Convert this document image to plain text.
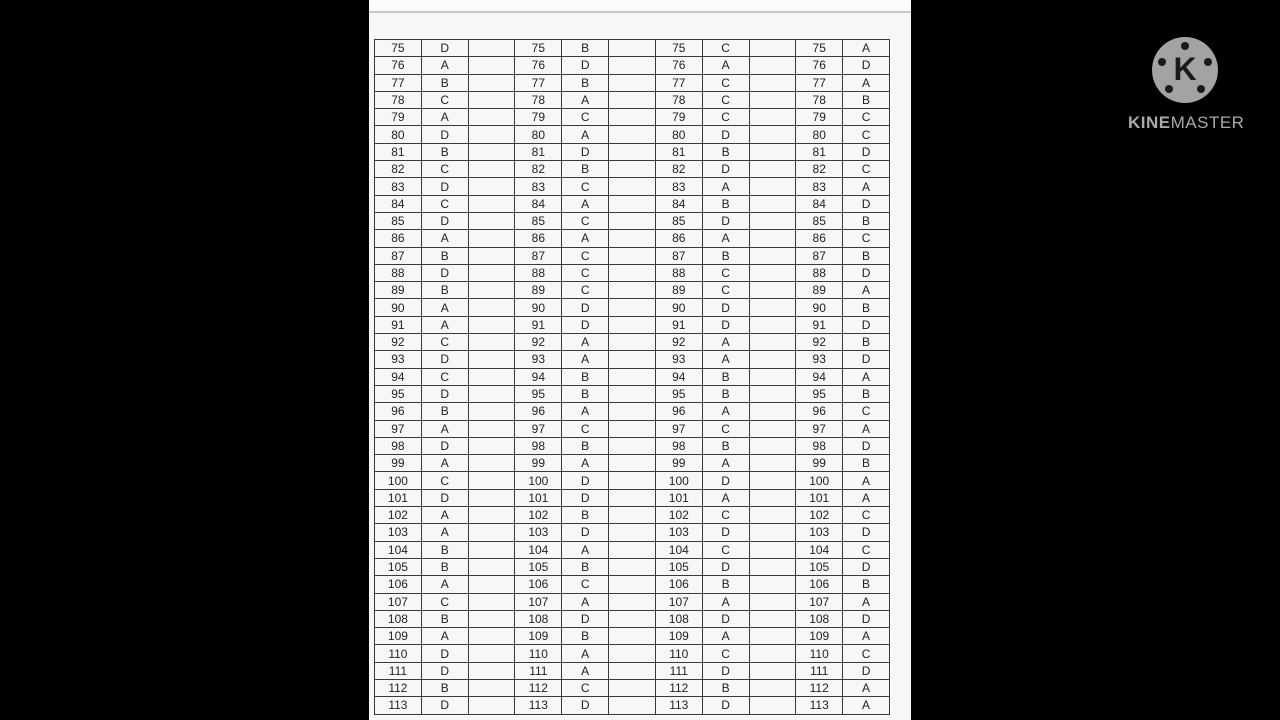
75	D		75	B		75	C		75	A
76	A		76	D		76	A		76	D
77	B		77	B		77	C		77	A
78	C		78	A		78	C		78	B
79	A		79	C		79	C		79	C
80	D		80	A		80	D		80	C
81	B		81	D		81	B		81	D
82	C		82	B		82	D		82	C
83	D		83	C		83	A		83	A
84	C		84	A		84	B		84	D
85	D		85	C		85	D		85	B
86	A		86	A		86	A		86	C
87	B		87	C		87	B		87	B
88	D		88	C		88	C		88	D
89	B		89	C		89	C		89	A
90	A		90	D		90	D		90	B
91	A		91	D		91	D		91	D
92	C		92	A		92	A		92	B
93	D		93	A		93	A		93	D
94	C		94	B		94	B		94	A
95	D		95	B		95	B		95	B
96	B		96	A		96	A		96	C
97	A		97	C		97	C		97	A
98	D		98	B		98	B		98	D
99	A		99	A		99	A		99	B
100	C		100	D		100	D		100	A
101	D		101	D		101	A		101	A
102	A		102	B		102	C		102	C
103	A		103	D		103	D		103	D
104	B		104	A		104	C		104	C
105	B		105	B		105	D		105	D
106	A		106	C		106	B		106	B
107	C		107	A		107	A		107	A
108	B		108	D		108	D		108	D
109	A		109	B		109	A		109	A
110	D		110	A		110	C		110	C
111	D		111	A		111	D		111	D
112	B		112	C		112	B		112	A
113	D		113	D		113	D		113	A
K
KINEMASTER
